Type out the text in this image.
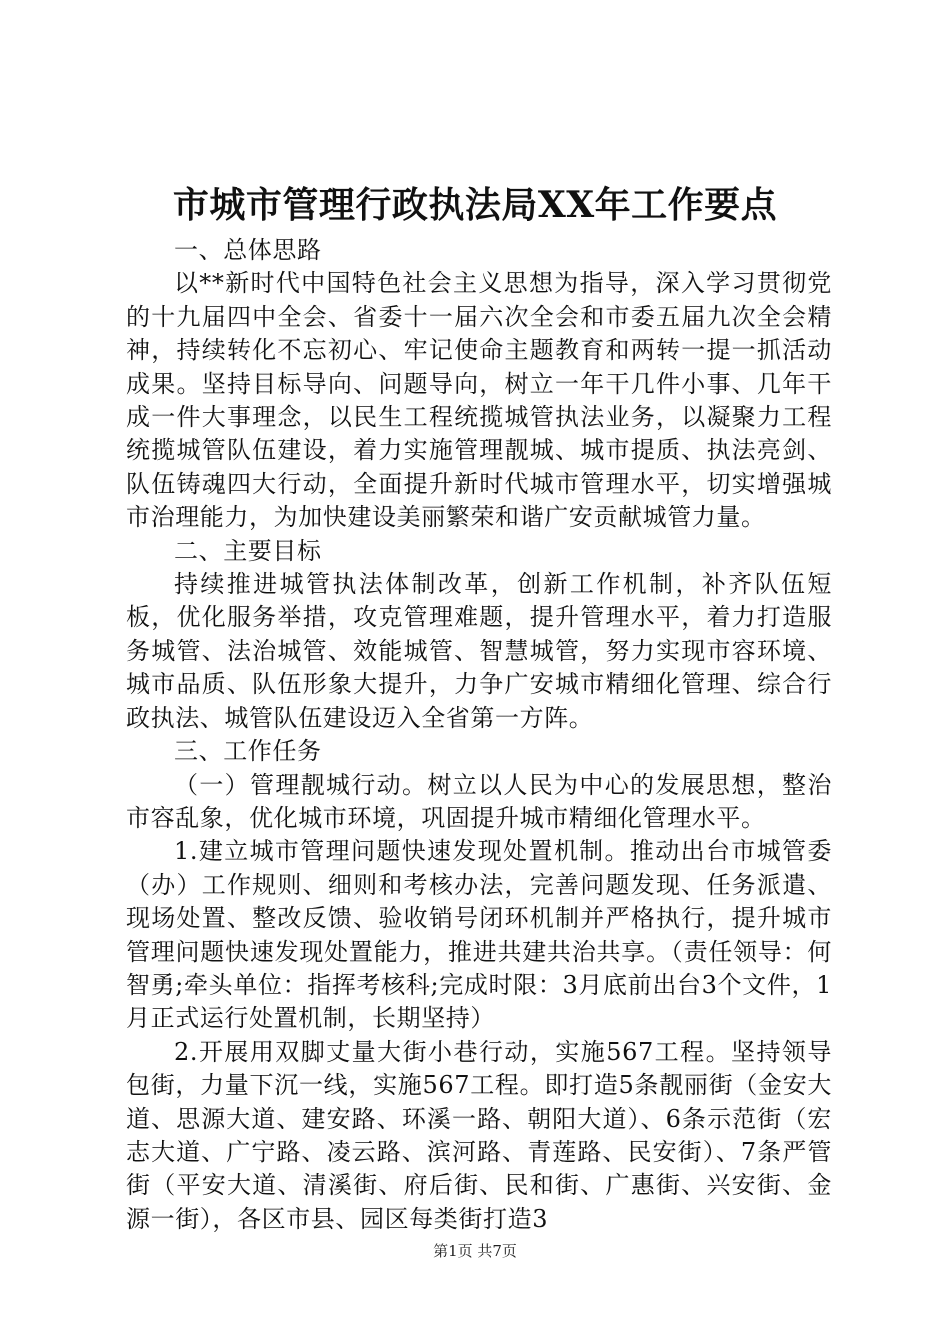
市城市管理行政执法局XX年工作要点

一、总体思路

以**新时代中国特色社会主义思想为指导，深入学习贯彻党的十九届四中全会、省委十一届六次全会和市委五届九次全会精神，持续转化不忘初心、牢记使命主题教育和两转一提一抓活动成果。坚持目标导向、问题导向，树立一年干几件小事、几年干成一件大事理念，以民生工程统揽城管执法业务，以凝聚力工程统揽城管队伍建设，着力实施管理靓城、城市提质、执法亮剑、队伍铸魂四大行动，全面提升新时代城市管理水平，切实增强城市治理能力，为加快建设美丽繁荣和谐广安贡献城管力量。

二、主要目标

持续推进城管执法体制改革，创新工作机制，补齐队伍短板，优化服务举措，攻克管理难题，提升管理水平，着力打造服务城管、法治城管、效能城管、智慧城管，努力实现市容环境、城市品质、队伍形象大提升，力争广安城市精细化管理、综合行政执法、城管队伍建设迈入全省第一方阵。

三、工作任务

（一）管理靓城行动。树立以人民为中心的发展思想，整治市容乱象，优化城市环境，巩固提升城市精细化管理水平。

1.建立城市管理问题快速发现处置机制。推动出台市城管委（办）工作规则、细则和考核办法，完善问题发现、任务派遣、现场处置、整改反馈、验收销号闭环机制并严格执行，提升城市管理问题快速发现处置能力，推进共建共治共享。（责任领导：何智勇;牵头单位：指挥考核科;完成时限：3月底前出台3个文件，1月正式运行处置机制，长期坚持）

2.开展用双脚丈量大街小巷行动，实施567工程。坚持领导包街，力量下沉一线，实施567工程。即打造5条靓丽街（金安大道、思源大道、建安路、环溪一路、朝阳大道）、6条示范街（宏志大道、广宁路、凌云路、滨河路、青莲路、民安街）、7条严管街（平安大道、清溪街、府后街、民和街、广惠街、兴安街、金源一街），各区市县、园区每类街打造3

第1页 共7页
